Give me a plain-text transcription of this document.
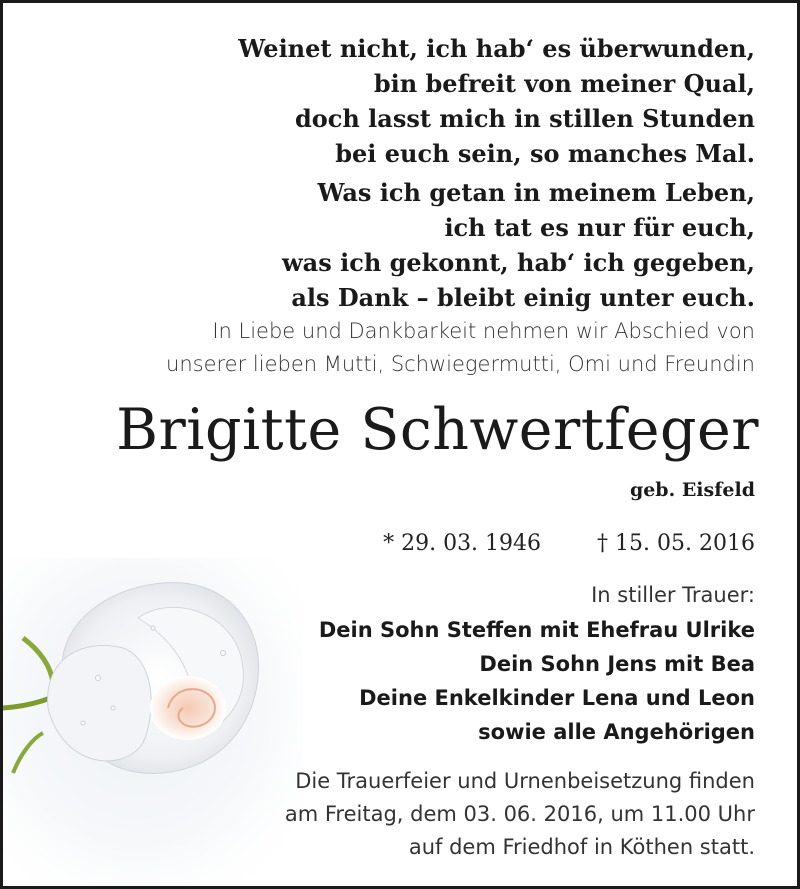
Weinet nicht, ich hab‘ es überwunden,
bin befreit von meiner Qual,
doch lasst mich in stillen Stunden
bei euch sein, so manches Mal.
Was ich getan in meinem Leben,
ich tat es nur für euch,
was ich gekonnt, hab‘ ich gegeben,
als Dank – bleibt einig unter euch.
In Liebe und Dankbarkeit nehmen wir Abschied von
unserer lieben Mutti, Schwiegermutti, Omi und Freundin
Brigitte Schwertfeger
geb. Eisfeld
* 29. 03. 1946	† 15. 05. 2016
In stiller Trauer:
Dein Sohn Steffen mit Ehefrau Ulrike
Dein Sohn Jens mit Bea
Deine Enkelkinder Lena und Leon
sowie alle Angehörigen
Die Trauerfeier und Urnenbeisetzung finden
am Freitag, dem 03. 06. 2016, um 11.00 Uhr
auf dem Friedhof in Köthen statt.
